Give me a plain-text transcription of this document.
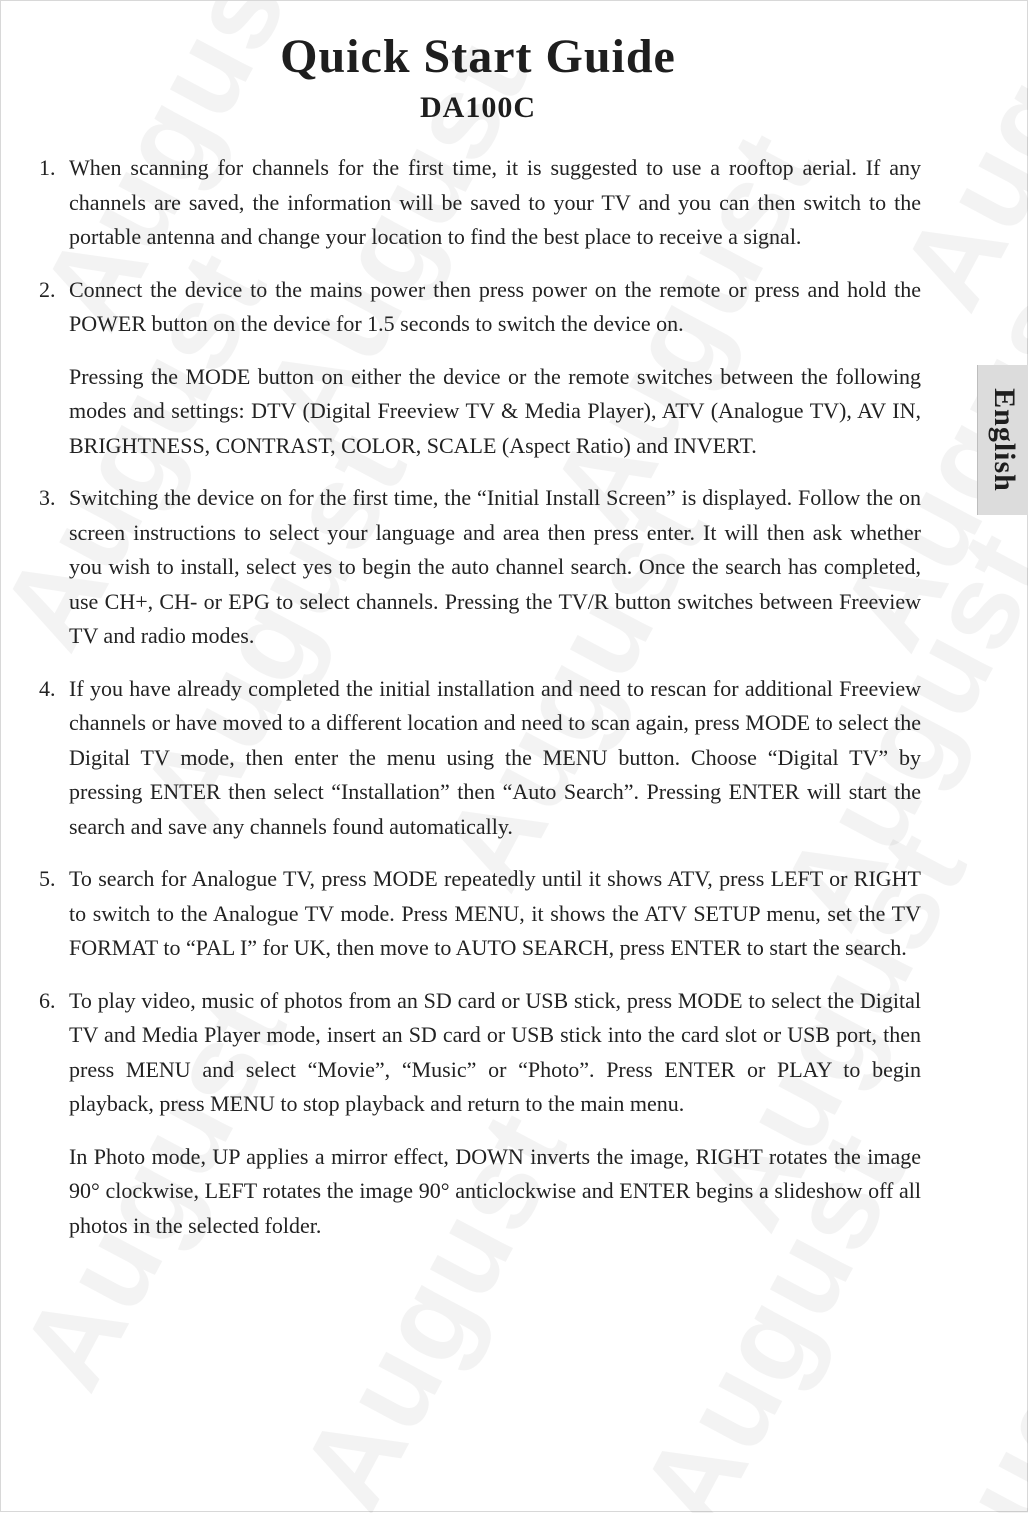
Quick Start Guide
DA100C
English
1. When scanning for channels for the first time, it is suggested to use a rooftop aerial. If any channels are saved, the information will be saved to your TV and you can then switch to the portable antenna and change your location to find the best place to receive a signal.
2. Connect the device to the mains power then press power on the remote or press and hold the POWER button on the device for 1.5 seconds to switch the device on.
Pressing the MODE button on either the device or the remote switches between the following modes and settings: DTV (Digital Freeview TV & Media Player), ATV (Analogue TV), AV IN, BRIGHTNESS, CONTRAST, COLOR, SCALE (Aspect Ratio) and INVERT.
3. Switching the device on for the first time, the “Initial Install Screen” is displayed. Follow the on screen instructions to select your language and area then press enter. It will then ask whether you wish to install, select yes to begin the auto channel search. Once the search has completed, use CH+, CH- or EPG to select channels. Pressing the TV/R button switches between Freeview TV and radio modes.
4. If you have already completed the initial installation and need to rescan for additional Freeview channels or have moved to a different location and need to scan again, press MODE to select the Digital TV mode, then enter the menu using the MENU button. Choose “Digital TV” by pressing ENTER then select “Installation” then “Auto Search”. Pressing ENTER will start the search and save any channels found automatically.
5. To search for Analogue TV, press MODE repeatedly until it shows ATV, press LEFT or RIGHT to switch to the Analogue TV mode. Press MENU, it shows the ATV SETUP menu, set the TV FORMAT to “PAL I” for UK, then move to AUTO SEARCH, press ENTER to start the search.
6. To play video, music of photos from an SD card or USB stick, press MODE to select the Digital TV and Media Player mode, insert an SD card or USB stick into the card slot or USB port, then press MENU and select “Movie”, “Music” or “Photo”. Press ENTER or PLAY to begin playback, press MENU to stop playback and return to the main menu.
In Photo mode, UP applies a mirror effect, DOWN inverts the image, RIGHT rotates the image 90° clockwise, LEFT rotates the image 90° anticlockwise and ENTER begins a slideshow off all photos in the selected folder.
